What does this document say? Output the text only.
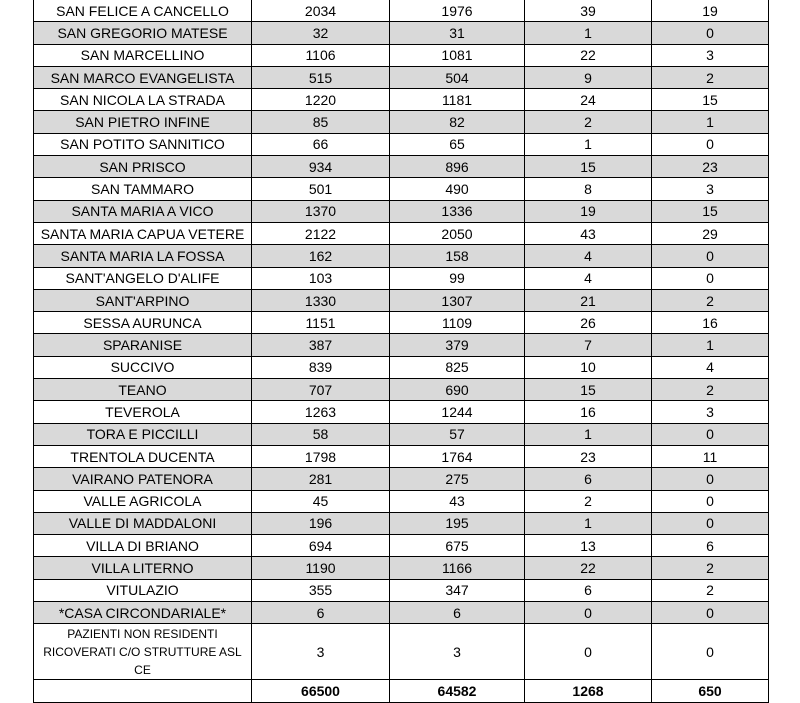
SAN FELICE A CANCELLO	2034	1976	39	19
SAN GREGORIO MATESE	32	31	1	0
SAN MARCELLINO	1106	1081	22	3
SAN MARCO EVANGELISTA	515	504	9	2
SAN NICOLA LA STRADA	1220	1181	24	15
SAN PIETRO INFINE	85	82	2	1
SAN POTITO SANNITICO	66	65	1	0
SAN PRISCO	934	896	15	23
SAN TAMMARO	501	490	8	3
SANTA MARIA A VICO	1370	1336	19	15
SANTA MARIA CAPUA VETERE	2122	2050	43	29
SANTA MARIA LA FOSSA	162	158	4	0
SANT'ANGELO D'ALIFE	103	99	4	0
SANT'ARPINO	1330	1307	21	2
SESSA AURUNCA	1151	1109	26	16
SPARANISE	387	379	7	1
SUCCIVO	839	825	10	4
TEANO	707	690	15	2
TEVEROLA	1263	1244	16	3
TORA E PICCILLI	58	57	1	0
TRENTOLA DUCENTA	1798	1764	23	11
VAIRANO PATENORA	281	275	6	0
VALLE AGRICOLA	45	43	2	0
VALLE DI MADDALONI	196	195	1	0
VILLA DI BRIANO	694	675	13	6
VILLA LITERNO	1190	1166	22	2
VITULAZIO	355	347	6	2
*CASA CIRCONDARIALE*	6	6	0	0
PAZIENTI NON RESIDENTI RICOVERATI C/O STRUTTURE ASL CE	3	3	0	0
	66500	64582	1268	650
